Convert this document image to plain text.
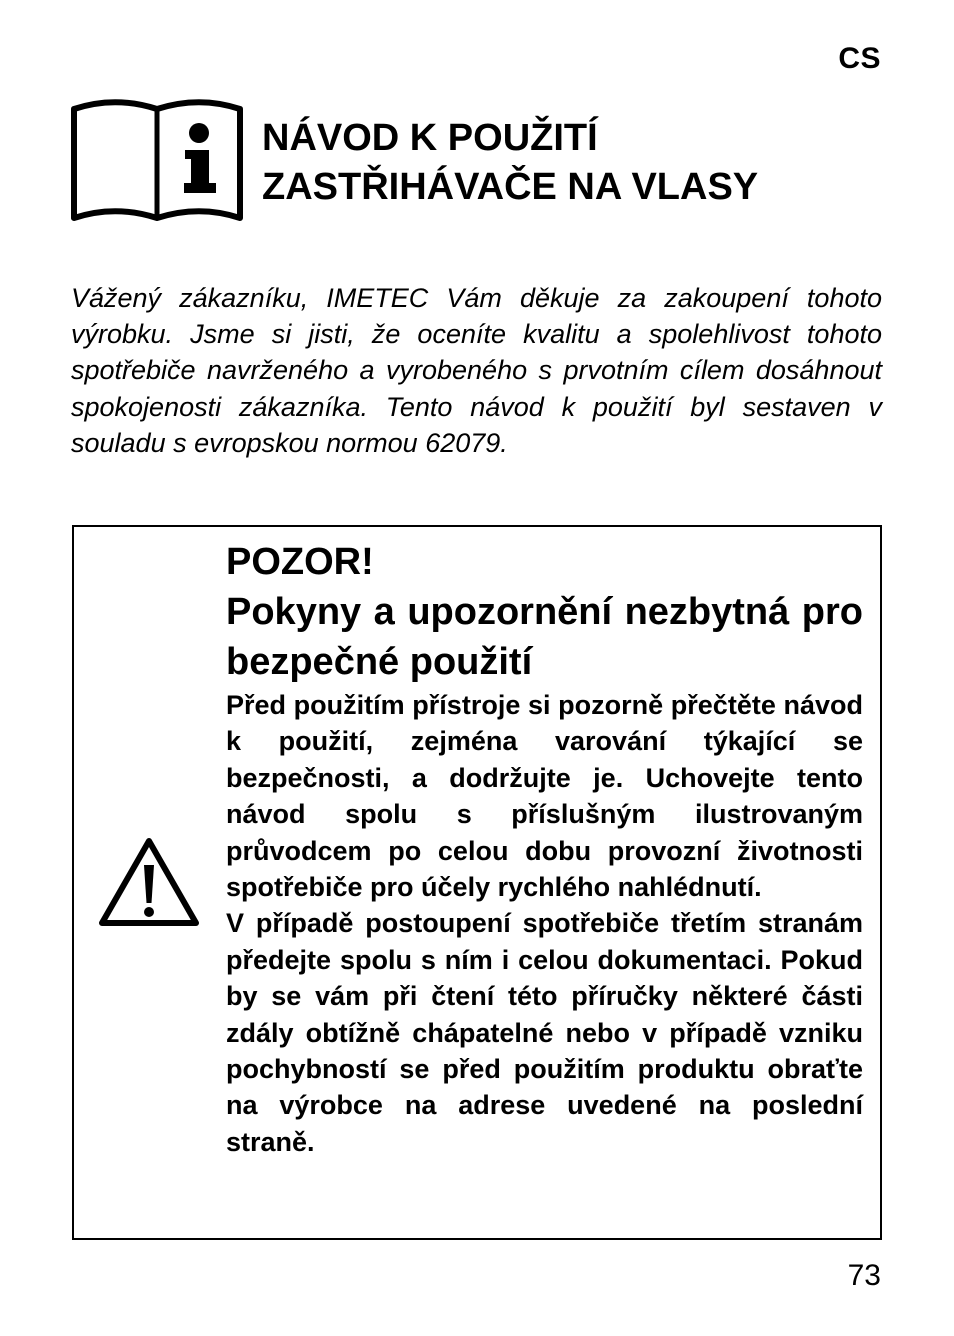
CS
NÁVOD K POUŽITÍ
ZASTŘIHÁVAČE NA VLASY

Vážený zákazníku, IMETEC Vám děkuje za zakoupení tohoto výrobku. Jsme si jisti, že oceníte kvalitu a spolehlivost tohoto spotřebiče navrženého a vyrobeného s prvotním cílem dosáhnout spokojenosti zákazníka. Tento návod k použití byl sestaven v souladu s evropskou normou 62079.

POZOR!
Pokyny a upozornění nezbytná pro bezpečné použití

Před použitím přístroje si pozorně přečtěte návod k použití, zejména varování týkající se bezpečnosti, a dodržujte je. Uchovejte tento návod spolu s příslušným ilustrovaným průvodcem po celou dobu provozní životnosti spotřebiče pro účely rychlého nahlédnutí.

V případě postoupení spotřebiče třetím stranám předejte spolu s ním i celou dokumentaci. Pokud by se vám při čtení této příručky některé části zdály obtížně chápatelné nebo v případě vzniku pochybností se před použitím produktu obraťte na výrobce na adrese uvedené na poslední straně.

73
